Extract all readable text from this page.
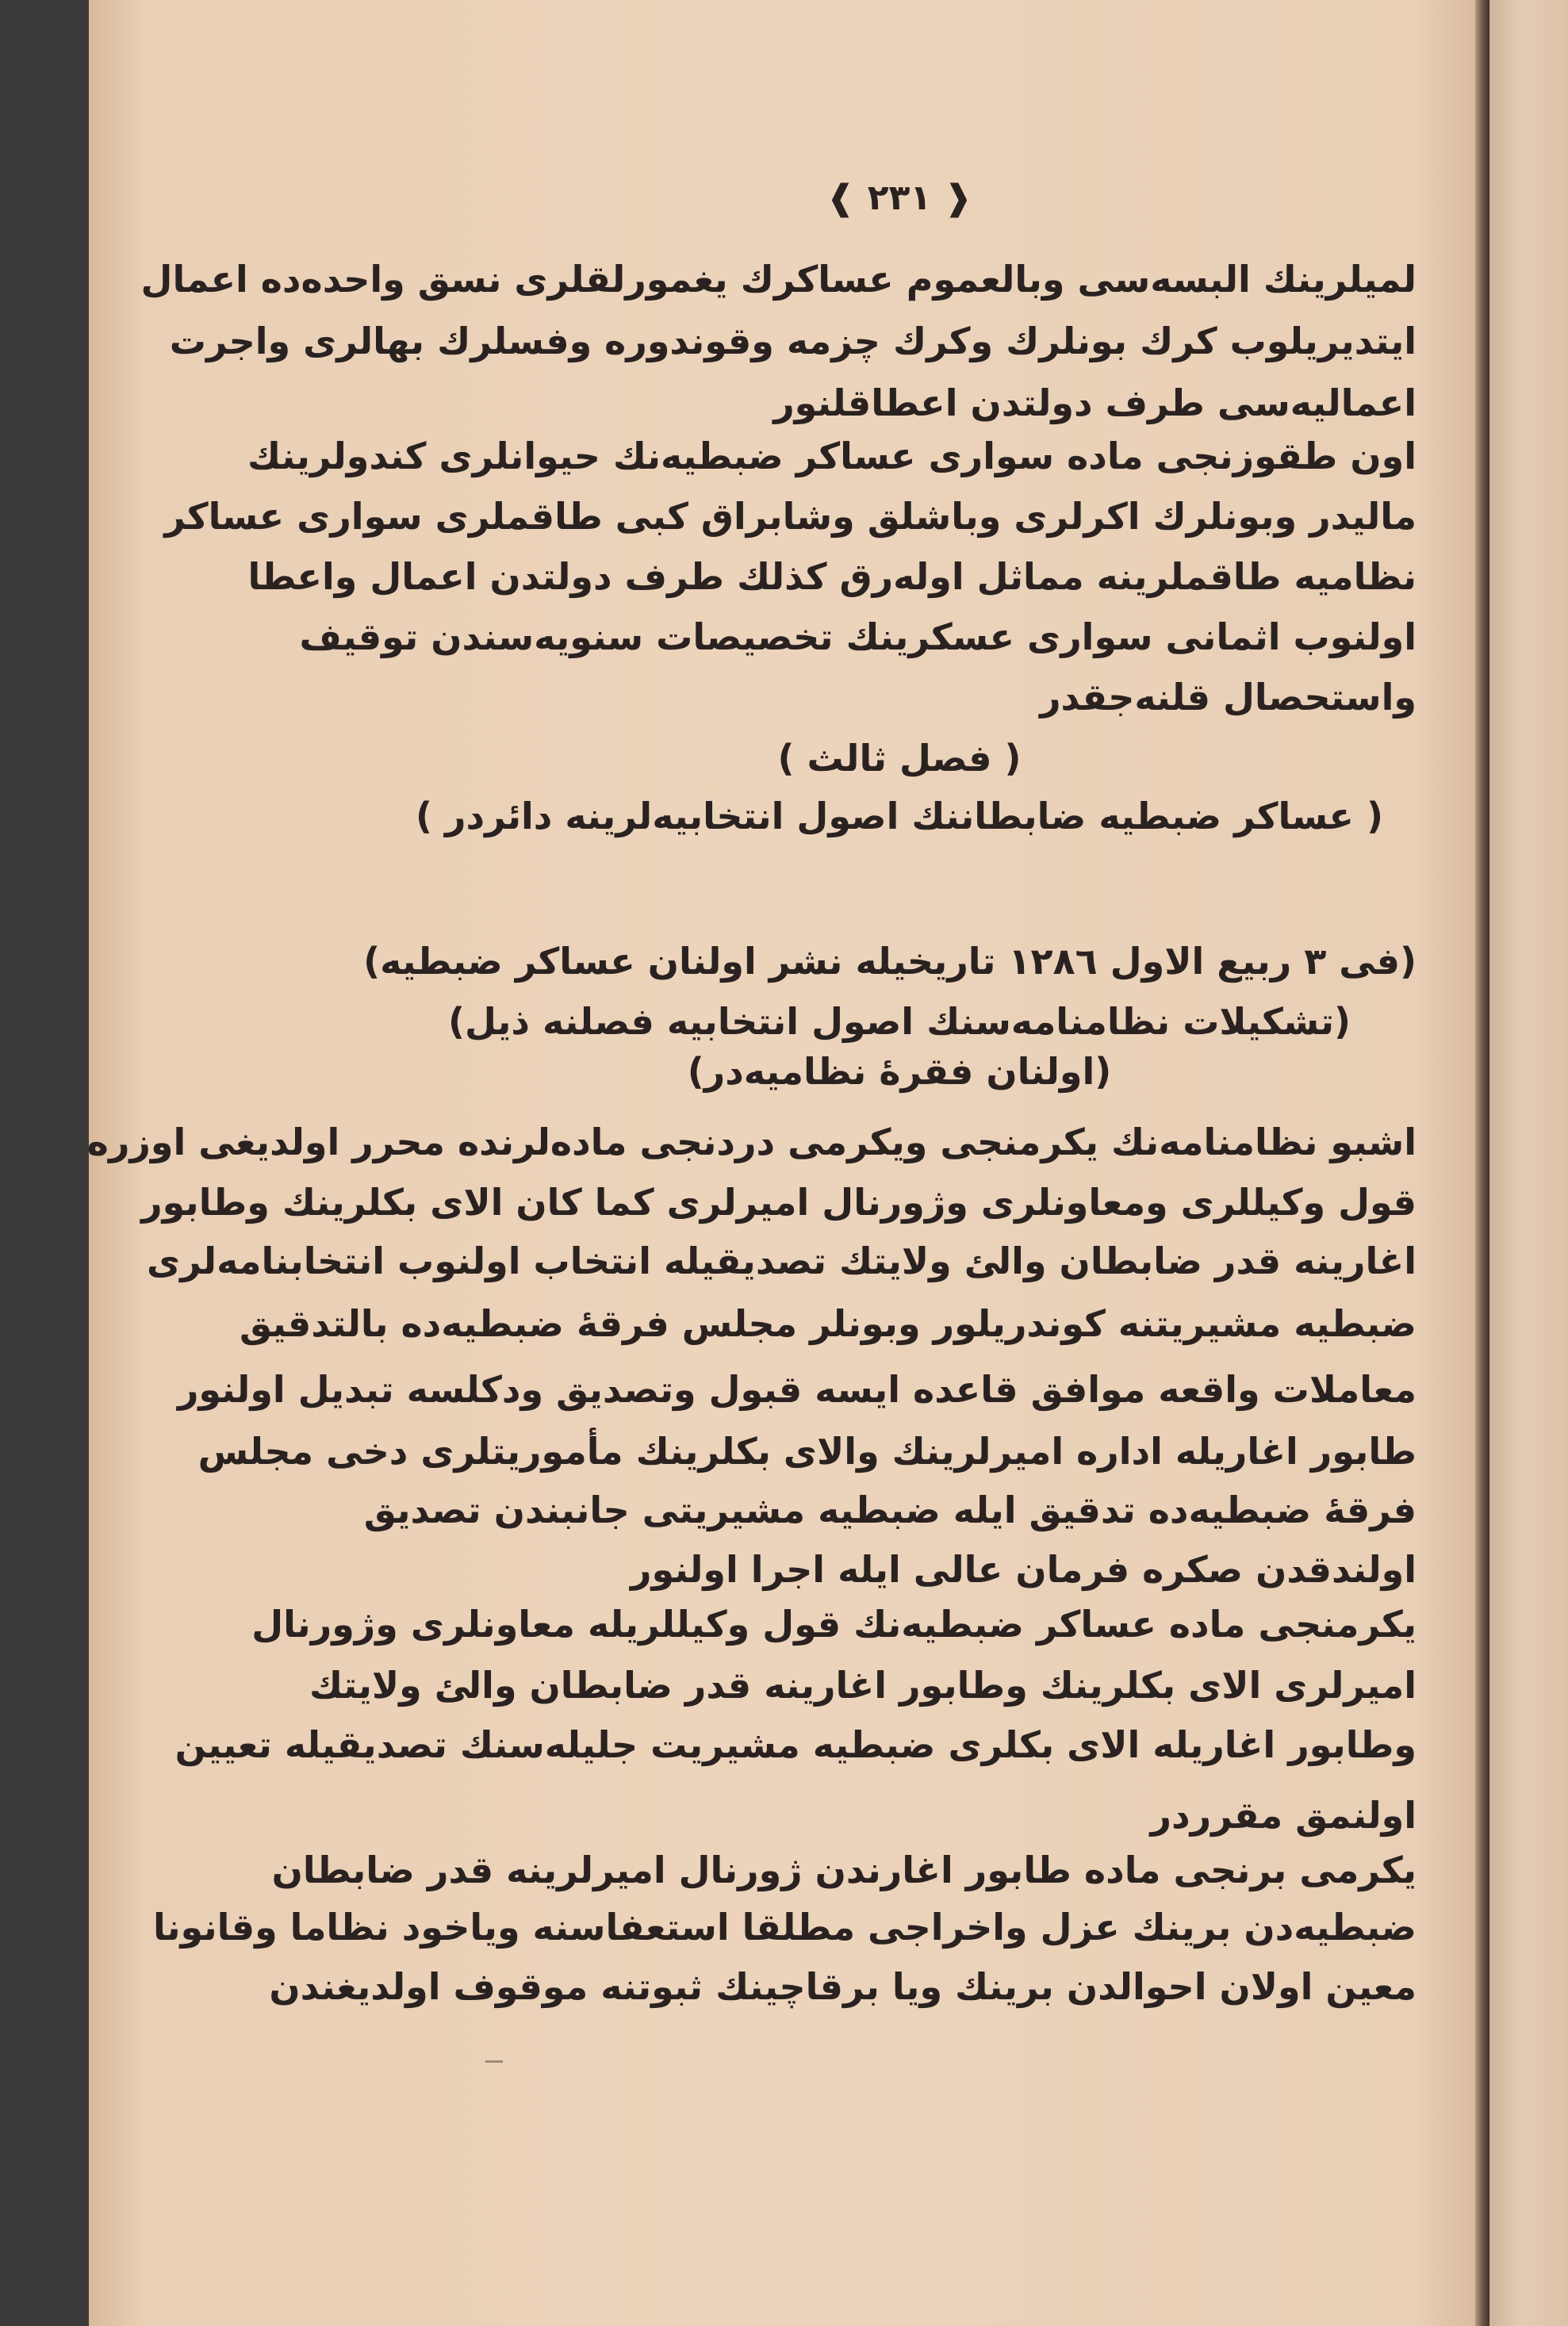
❰ ٢٣١ ❱
لميلرينك البسه‌سی وبالعموم عساكرك يغمورلقلری نسق واحده‌ده اعمال
ايتديريلوب كرك بونلرك وكرك چزمه وقوندوره وفسلرك بهالری واجرت
اعماليه‌سی طرف دولتدن اعطاقلنور
اون طقوزنجی ماده سواری عساكر ضبطيه‌نك حيوانلری كندولرينك
ماليدر وبونلرك اكرلری وباشلق وشابراق كبی طاقملری سواری عساكر
نظاميه طاقملرينه مماثل اوله‌رق كذلك طرف دولتدن اعمال واعطا
اولنوب اثمانی سواری عسكرينك تخصيصات سنويه‌سندن توقيف
واستحصال قلنه‌جقدر
( فصل ثالث )
( عساكر ضبطيه ضابطاننك اصول انتخابيه‌لرينه دائردر )
(فی ٣ ربيع الاول ١٢٨٦ تاريخيله نشر اولنان عساكر ضبطيه)
(تشكيلات نظامنامه‌سنك اصول انتخابيه فصلنه ذيل)
(اولنان فقرهٔ نظاميه‌در)
اشبو نظامنامه‌نك يكرمنجی ويكرمی دردنجی ماده‌لرنده محرر اولديغی اوزره
قول وكيللری ومعاونلری وژورنال اميرلری كما كان الای بكلرينك وطابور
اغارينه قدر ضابطان والئ ولايتك تصديقيله انتخاب اولنوب انتخابنامه‌لری
ضبطيه مشيريتنه كوندريلور وبونلر مجلس فرقهٔ ضبطيه‌ده بالتدقيق
معاملات واقعه موافق قاعده ايسه قبول وتصديق ودكلسه تبديل اولنور
طابور اغاريله اداره اميرلرينك والای بكلرينك مأموريتلری دخی مجلس
فرقهٔ ضبطيه‌ده تدقيق ايله ضبطيه مشيريتی جانبندن تصديق
اولندقدن صكره فرمان عالی ايله اجرا اولنور
يكرمنجی ماده عساكر ضبطيه‌نك قول وكيللريله معاونلری وژورنال
اميرلری الای بكلرينك وطابور اغارينه قدر ضابطان والئ ولايتك
وطابور اغاريله الای بكلری ضبطيه مشيريت جليله‌سنك تصديقيله تعيين
اولنمق مقرردر
يكرمی برنجی ماده طابور اغارندن ژورنال اميرلرينه قدر ضابطان
ضبطيه‌دن برينك عزل واخراجی مطلقا استعفاسنه وياخود نظاما وقانونا
معين اولان احوالدن برينك ويا برقاچينك ثبوتنه موقوف اولديغندن
